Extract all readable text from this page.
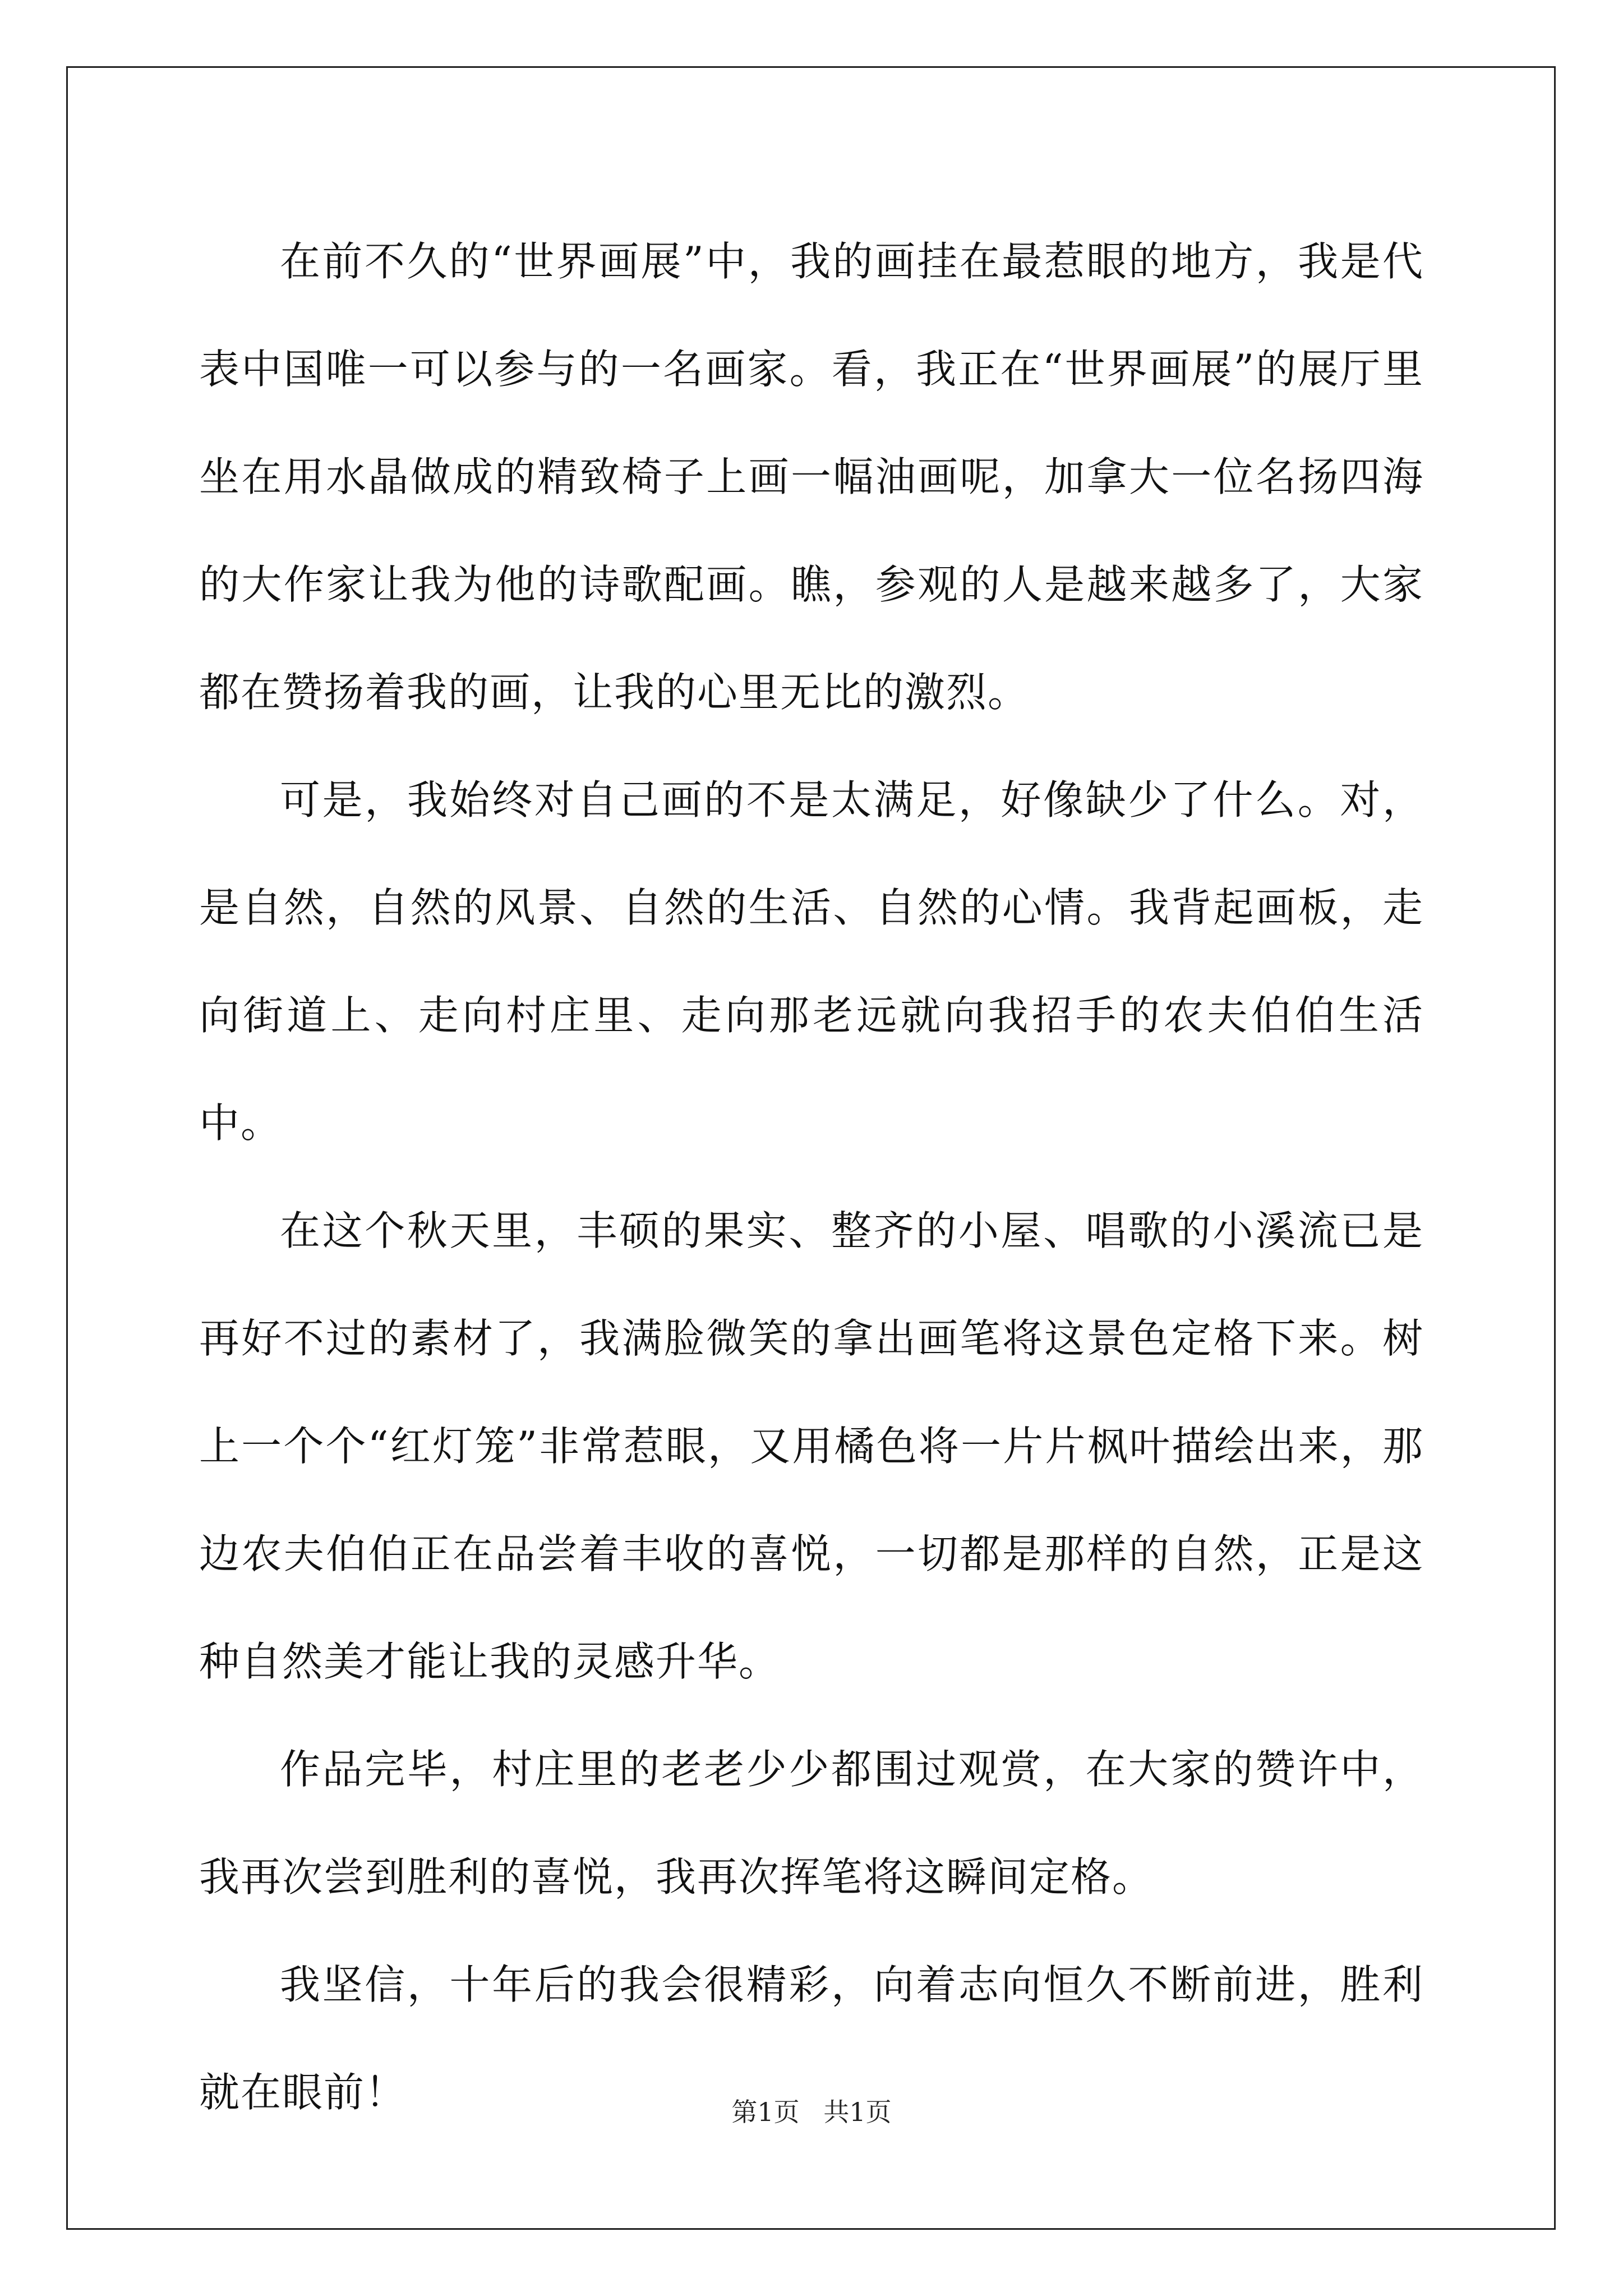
在前不久的“世界画展”中，我的画挂在最惹眼的地方，我是代表中国唯一可以参与的一名画家。看，我正在“世界画展”的展厅里坐在用水晶做成的精致椅子上画一幅油画呢，加拿大一位名扬四海的大作家让我为他的诗歌配画。瞧，参观的人是越来越多了，大家都在赞扬着我的画，让我的心里无比的激烈。

可是，我始终对自己画的不是太满足，好像缺少了什么。对，是自然，自然的风景、自然的生活、自然的心情。我背起画板，走向街道上、走向村庄里、走向那老远就向我招手的农夫伯伯生活中。

在这个秋天里，丰硕的果实、整齐的小屋、唱歌的小溪流已是再好不过的素材了，我满脸微笑的拿出画笔将这景色定格下来。树上一个个“红灯笼”非常惹眼，又用橘色将一片片枫叶描绘出来，那边农夫伯伯正在品尝着丰收的喜悦，一切都是那样的自然，正是这种自然美才能让我的灵感升华。

作品完毕，村庄里的老老少少都围过观赏，在大家的赞许中，我再次尝到胜利的喜悦，我再次挥笔将这瞬间定格。

我坚信，十年后的我会很精彩，向着志向恒久不断前进，胜利就在眼前！	第1页 共1页
